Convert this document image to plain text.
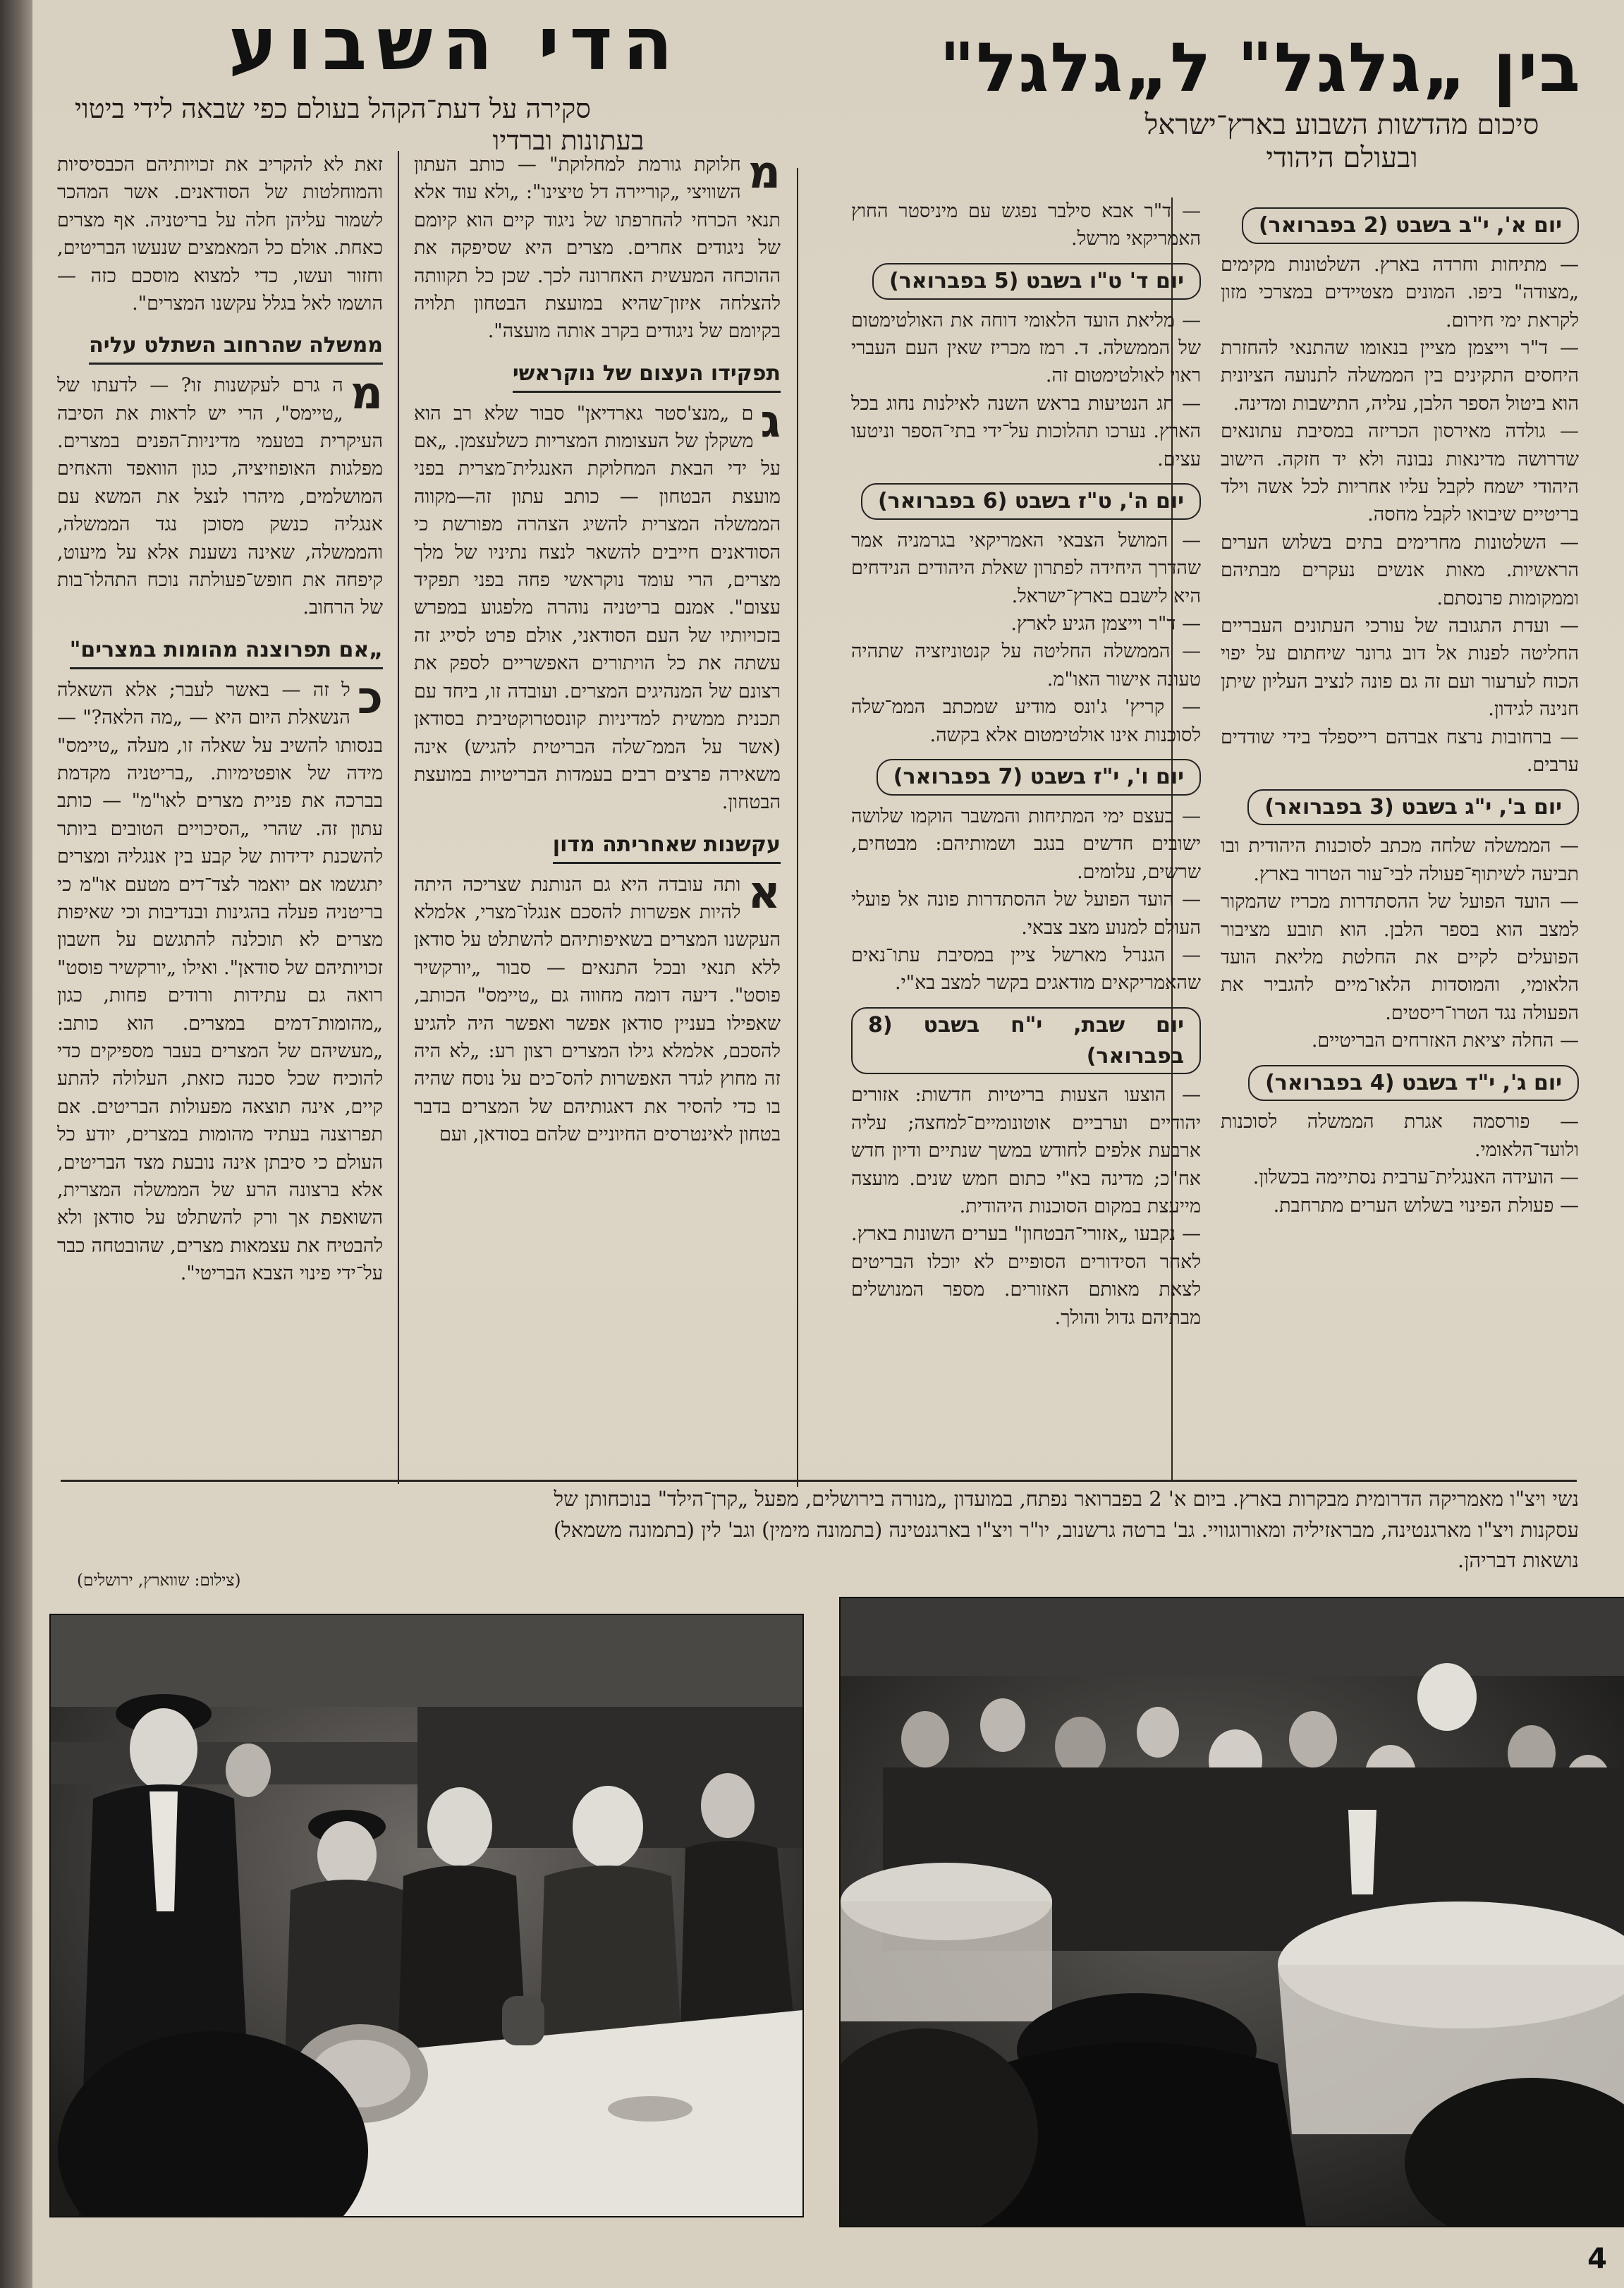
בין „גלגל" ל„גלגל"
סיכום מהדשות השבוע בארץ־ישראל
ובעולם היהודי
הדי השבוע
סקירה על דעת־הקהל בעולם כפי שבאה לידי ביטוי
בעתונות וברדיו
יום א', י"ב בשבט (2 בפברואר)

— מתיחות וחרדה בארץ. השלטונות מקימים „מצודה" ביפו. המונים מצטיידים במצרכי מזון לקראת ימי חירום.

— ד"ר וייצמן מציין בנאומו שהתנאי להחזרת היחסים התקינים בין הממשלה לתנועה הציונית הוא ביטול הספר הלבן, עליה, התישבות ומדינה.

— גולדה מאירסון הכריזה במסיבת עתונאים שדרושה מדינאות נבונה ולא יד חזקה. הישוב היהודי ישמח לקבל עליו אחריות לכל אשה וילד בריטיים שיבואו לקבל מחסה.

— השלטונות מחרימים בתים בשלוש הערים הראשיות. מאות אנשים נעקרים מבתיהם וממקומות פרנסתם.

— ועדת התגובה של עורכי העתונים העבריים החליטה לפנות אל דוב גרונר שיחתום על יפוי הכוח לערעור ועם זה גם פונה לנציב העליון שיתן חנינה לגידון.

— ברחובות נרצח אברהם רייספלד בידי שודדים ערבים.

יום ב', י"ג בשבט (3 בפברואר)

— הממשלה שלחה מכתב לסוכנות היהודית ובו תביעה לשיתוף־פעולה לבי־עור הטרור בארץ.

— הועד הפועל של ההסתדרות מכריז שהמקור למצב הוא בספר הלבן. הוא תובע מציבור הפועלים לקיים את החלטת מליאת הועד הלאומי, והמוסדות הלאו־מיים להגביר את הפעולה נגד הטרו־ריסטים.

— החלה יציאת האזרחים הבריטיים.

יום ג', י"ד בשבט (4 בפברואר)

— פורסמה אגרת הממשלה לסוכנות ולועד־הלאומי.

— הועידה האנגלית־ערבית נסתיימה בכשלון.

— פעולת הפינוי בשלוש הערים מתרחבת.

— ד"ר אבא סילבר נפגש עם מיניסטר החוץ האמריקאי מרשל.

יום ד' ט"ו בשבט (5 בפברואר)

— מליאת הועד הלאומי דוחה את האולטימטום של הממשלה. ד. רמז מכריז שאין העם העברי ראוי לאולטימטום זה.

— חג הנטיעות בראש השנה לאילנות נחוג בכל הארץ. נערכו תהלוכות על־ידי בתי־הספר וניטעו עצים.

יום ה', ט"ז בשבט (6 בפברואר)

— המושל הצבאי האמריקאי בגרמניה אמר שהדרך היחידה לפתרון שאלת היהודים הנידחים היא לישבם בארץ־ישראל.

— ד"ר וייצמן הגיע לארץ.

— הממשלה החליטה על קנטוניזציה שתהיה טעונה אישור האו"מ.

— קריץ' ג'ונס מודיע שמכתב הממ־שלה לסוכנות אינו אולטימטום אלא בקשה.

יום ו', י"ז בשבט (7 בפברואר)

— בעצם ימי המתיחות והמשבר הוקמו שלושה ישובים חדשים בנגב ושמותיהם: מבטחים, שרשים, עלומים.

— הועד הפועל של ההסתדרות פונה אל פועלי העולם למנוע מצב צבאי.

— הגנרל מארשל ציין במסיבת עתו־נאים שהאמריקאים מודאגים בקשר למצב בא"י.

יום שבת, י"ח בשבט (8 בפברואר)

— הוצעו הצעות בריטיות חדשות: אזורים יהודיים וערביים אוטונומיים־למחצה; עליה ארבעת אלפים לחודש במשך שנתיים ודיון חדש אח"כ; מדינה בא"י כתום חמש שנים. מועצה מייעצת במקום הסוכנות היהודית.

— נקבעו „אזורי־הבטחון" בערים השונות בארץ. לאחר הסידורים הסופיים לא יוכלו הבריטים לצאת מאותם האזורים. מספר המנושלים מבתיהם גדול והולך.

מ
חלוקת גורמת למחלוקת" — כותב העתון השוויצי „קוריירה דל טיצינו": „ולא עוד אלא תנאי הכרחי להחרפתו של ניגוד קיים הוא קיומם של ניגודים אחרים. מצרים היא שסיפקה את ההוכחה המעשית האחרונה לכך. שכן כל תקוותה להצלחה איזון־שהיא במועצת הבטחון תלויה בקיומם של ניגודים בקרב אותה מועצה".

תפקידו העצום של נוקראשי

ג
ם „מנצ'סטר גארדיאן" סבור שלא רב הוא משקלן של העצומות המצריות כשלעצמן. „אם על ידי הבאת המחלוקת האנגלית־מצרית בפני מועצת הבטחון — כותב עתון זה—מקווה הממשלה המצרית להשיג הצהרה מפורשת כי הסודאנים חייבים להשאר לנצח נתיניו של מלך מצרים, הרי עומד נוקראשי פחה בפני תפקיד עצום". אמנם בריטניה נוהרה מלפגוע במפרש בזכויותיו של העם הסודאני, אולם פרט לסייג זה עשתה את כל הויתורים האפשריים לספק את רצונם של המנהיגים המצרים. ועובדה זו, ביחד עם תכנית ממשית למדיניות קונסטרוקטיבית בסודאן (אשר על הממ־שלה הבריטית להגיש) אינה משאירה פרצים רבים בעמדות הבריטיות במועצת הבטחון.

עקשנות שאחריתה מדון

א
ותה עובדה היא גם הנותנת שצריכה היתה להיות אפשרות להסכם אנגלו־מצרי, אלמלא העקשנו המצרים בשאיפותיהם להשתלט על סודאן ללא תנאי ובכל התנאים — סבור „יורקשיר פוסט". דיעה דומה מחווה גם „טיימס" הכותב, שאפילו בעניין סודאן אפשר ואפשר היה להגיע להסכם, אלמלא גילו המצרים רצון רע: „לא היה זה מחוץ לגדר האפשרות להס־כים על נוסח שהיה בו כדי להסיר את דאגותיהם של המצרים בדבר בטחון לאינטרסים החיוניים שלהם בסודאן, ועם

זאת לא להקריב את זכויותיהם הכבסיסיות והמוחלטות של הסודאנים. אשר המהכר לשמור עליהן חלה על בריטניה. אף מצרים כאחת. אולם כל המאמצים שנעשו הבריטים, וחזור ועשו, כדי למצוא מוסכם כזה — הושמו לאל בגלל עקשנו המצרים".

ממשלה שהרחוב השתלט עליה

מ
ה גרם לעקשנות זו? — לדעתו של „טיימס", הרי יש לראות את הסיבה העיקרית בטעמי מדיניות־הפנים במצרים. מפלגות האופוזיציה, כגון הוואפד והאחים המושלמים, מיהרו לנצל את המשא עם אנגליה כנשק מסוכן נגד הממשלה, והממשלה, שאינה נשענת אלא על מיעוט, קיפחה את חופש־פעולתה נוכח התהלו־בות של הרחוב.

„אם תפרוצנה מהומות במצרים"

כ
ל זה — באשר לעבר; אלא השאלה הנשאלת היום היא — „מה הלאה?" — בנסותו להשיב על שאלה זו, מעלה „טיימס" מידה של אופטימיות. „בריטניה מקדמת בברכה את פניית מצרים לאו"מ" — כותב עתון זה. שהרי „הסיכויים הטובים ביותר להשכנת ידידות של קבע בין אנגליה ומצרים יתגשמו אם יואמר לצד־דים מטעם או"מ כי בריטניה פעלה בהגינות ובנדיבות וכי שאיפות מצרים לא תוכלנה להתגשם על חשבון זכויותיהם של סודאן". ואילו „יורקשיר פוסט" רואה גם עתידות ורודים פחות, כגון „מהומות־דמים במצרים. הוא כותב: „מעשיהם של המצרים בעבר מספיקים כדי להוכיח שכל סכנה כזאת, העלולה להתע קיים, אינה תוצאה מפעולות הבריטים. אם תפרוצנה בעתיד מהומות במצרים, יודע כל העולם כי סיבתן אינה נובעת מצד הבריטים, אלא ברצונה הרע של הממשלה המצרית, השואפת אך ורק להשתלט על סודאן ולא להבטיח את עצמאות מצרים, שהובטחה כבר על־ידי פינוי הצבא הבריטי".

נשי ויצ"ו מאמריקה הדרומית מבקרות בארץ. ביום א' 2 בפברואר נפתח, במועדון „מנורה בירושלים, מפעל „קרן־הילד" בנוכחותן של
עסקנות ויצ"ו מארגנטינה, מבראזיליה ומאורוגוויי. גב' ברטה גרשנוב, יו"ר ויצ"ו בארגנטינה (בתמונה מימין) וגב' לין (בתמונה משמאל)
נושאות דבריהן.
(צילום: שווארץ, ירושלים)
4
